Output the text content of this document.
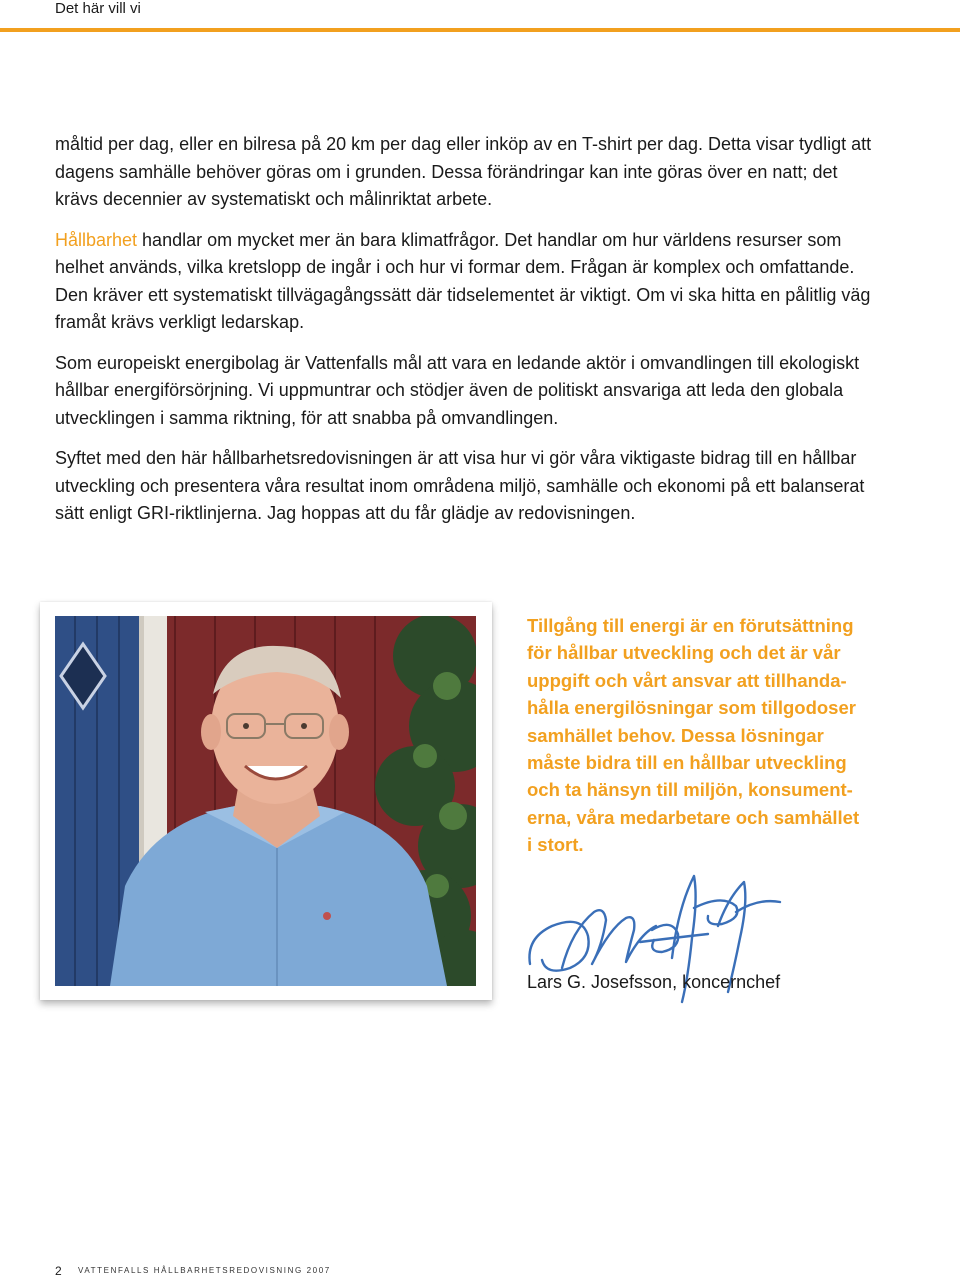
Det här vill vi

måltid per dag, eller en bilresa på 20 km per dag eller inköp av en T-shirt per dag. Detta visar tydligt att dagens samhälle behöver göras om i grunden. Dessa förändringar kan inte göras över en natt; det krävs decennier av systematiskt och målinriktat arbete.

Hållbarhet handlar om mycket mer än bara klimatfrågor. Det handlar om hur världens resurser som helhet används, vilka kretslopp de ingår i och hur vi formar dem. Frågan är komplex och omfattande. Den kräver ett systematiskt tillvägagångssätt där tidselementet är viktigt. Om vi ska hitta en pålitlig väg framåt krävs verkligt ledarskap.

Som europeiskt energibolag är Vattenfalls mål att vara en ledande aktör i omvandlingen till ekologiskt hållbar energiförsörjning. Vi uppmuntrar och stödjer även de politiskt ansvariga att leda den globala utvecklingen i samma riktning, för att snabba på omvandlingen.

Syftet med den här hållbarhetsredovisningen är att visa hur vi gör våra viktigaste bidrag till en hållbar utveckling och presentera våra resultat inom områdena miljö, samhälle och ekonomi på ett balanserat sätt enligt GRI-riktlinjerna. Jag hoppas att du får glädje av redovisningen.

Tillgång till energi är en förutsättning
för hållbar utveckling och det är vår
uppgift och vårt ansvar att tillhanda-
hålla energilösningar som tillgodoser
samhället behov. Dessa lösningar
måste bidra till en hållbar utveckling
och ta hänsyn till miljön, konsument-
erna, våra medarbetare och samhället
i stort.

Lars G. Josefsson, koncernchef
2 VATTENFALLS HÅLLBARHETSREDOVISNING 2007
